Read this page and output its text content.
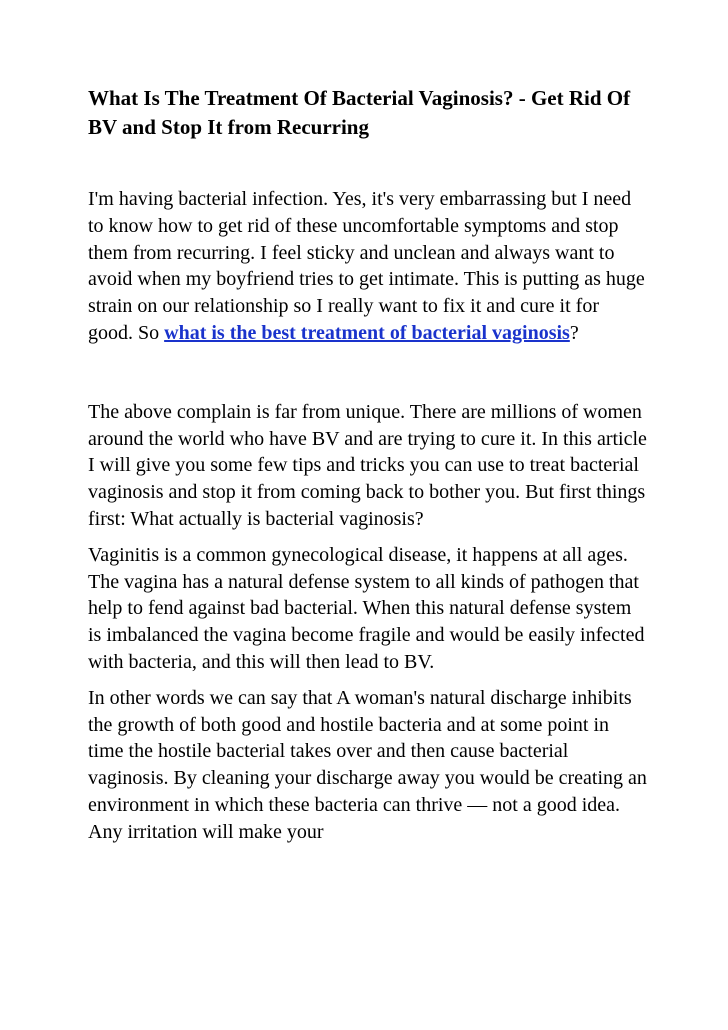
What Is The Treatment Of Bacterial Vaginosis? - Get Rid Of BV and Stop It from Recurring

I'm having bacterial infection. Yes, it's very embarrassing but I need to know how to get rid of these uncomfortable symptoms and stop them from recurring. I feel sticky and unclean and always want to avoid when my boyfriend tries to get intimate. This is putting as huge strain on our relationship so I really want to fix it and cure it for good. So what is the best treatment of bacterial vaginosis?

The above complain is far from unique. There are millions of women around the world who have BV and are trying to cure it. In this article I will give you some few tips and tricks you can use to treat bacterial vaginosis and stop it from coming back to bother you. But first things first: What actually is bacterial vaginosis?

Vaginitis is a common gynecological disease, it happens at all ages. The vagina has a natural defense system to all kinds of pathogen that help to fend against bad bacterial. When this natural defense system is imbalanced the vagina become fragile and would be easily infected with bacteria, and this will then lead to BV.

In other words we can say that A woman's natural discharge inhibits the growth of both good and hostile bacteria and at some point in time the hostile bacterial takes over and then cause bacterial vaginosis. By cleaning your discharge away you would be creating an environment in which these bacteria can thrive — not a good idea. Any irritation will make your
